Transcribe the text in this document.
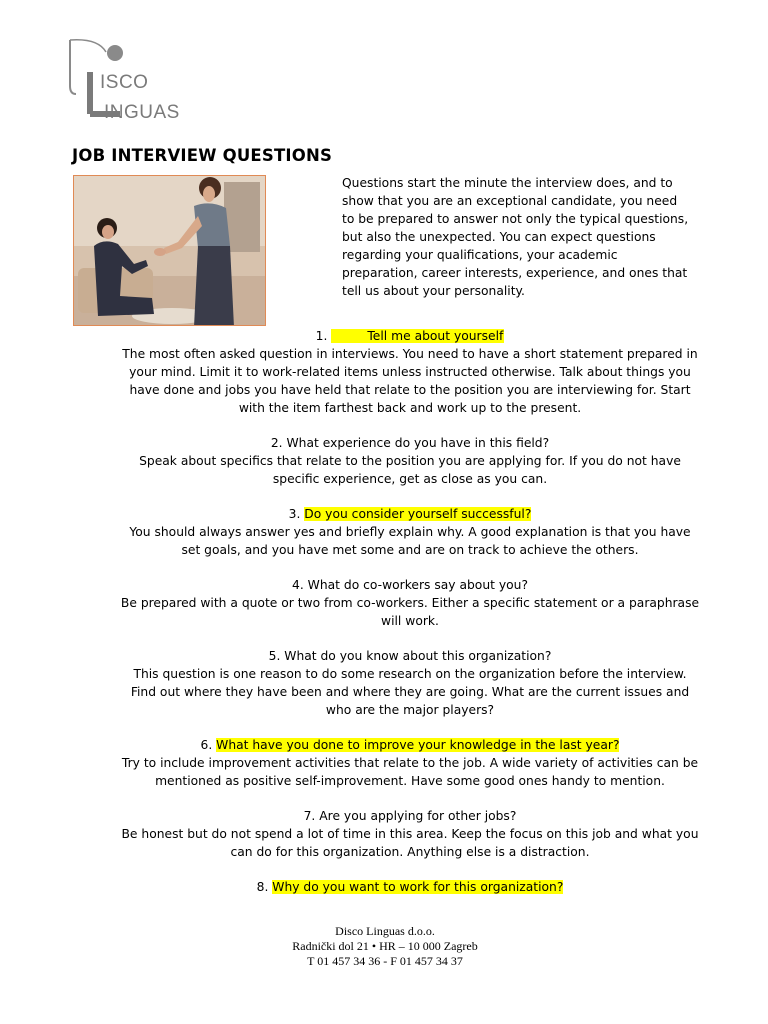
ISCO
INGUAS
JOB INTERVIEW QUESTIONS

Questions start the minute the interview does, and to show that you are an exceptional candidate, you need to be prepared to answer not only the typical questions, but also the unexpected. You can expect questions regarding your qualifications, your academic preparation, career interests, experience, and ones that tell us about your personality.

1.	Tell me about yourself

The most often asked question in interviews. You need to have a short statement prepared in your mind. Limit it to work-related items unless instructed otherwise. Talk about things you have done and jobs you have held that relate to the position you are interviewing for. Start with the item farthest back and work up to the present.

2. What experience do you have in this field?

Speak about specifics that relate to the position you are applying for. If you do not have specific experience, get as close as you can.

3. Do you consider yourself successful?

You should always answer yes and briefly explain why. A good explanation is that you have set goals, and you have met some and are on track to achieve the others.

4. What do co-workers say about you?

Be prepared with a quote or two from co-workers. Either a specific statement or a paraphrase will work.

5. What do you know about this organization?

This question is one reason to do some research on the organization before the interview. Find out where they have been and where they are going. What are the current issues and who are the major players?

6. What have you done to improve your knowledge in the last year?

Try to include improvement activities that relate to the job. A wide variety of activities can be mentioned as positive self-improvement. Have some good ones handy to mention.

7. Are you applying for other jobs?

Be honest but do not spend a lot of time in this area. Keep the focus on this job and what you can do for this organization. Anything else is a distraction.

8. Why do you want to work for this organization?

Disco Linguas d.o.o.

Radnički dol 21 • HR – 10 000 Zagreb

T 01 457 34 36 - F 01 457 34 37
